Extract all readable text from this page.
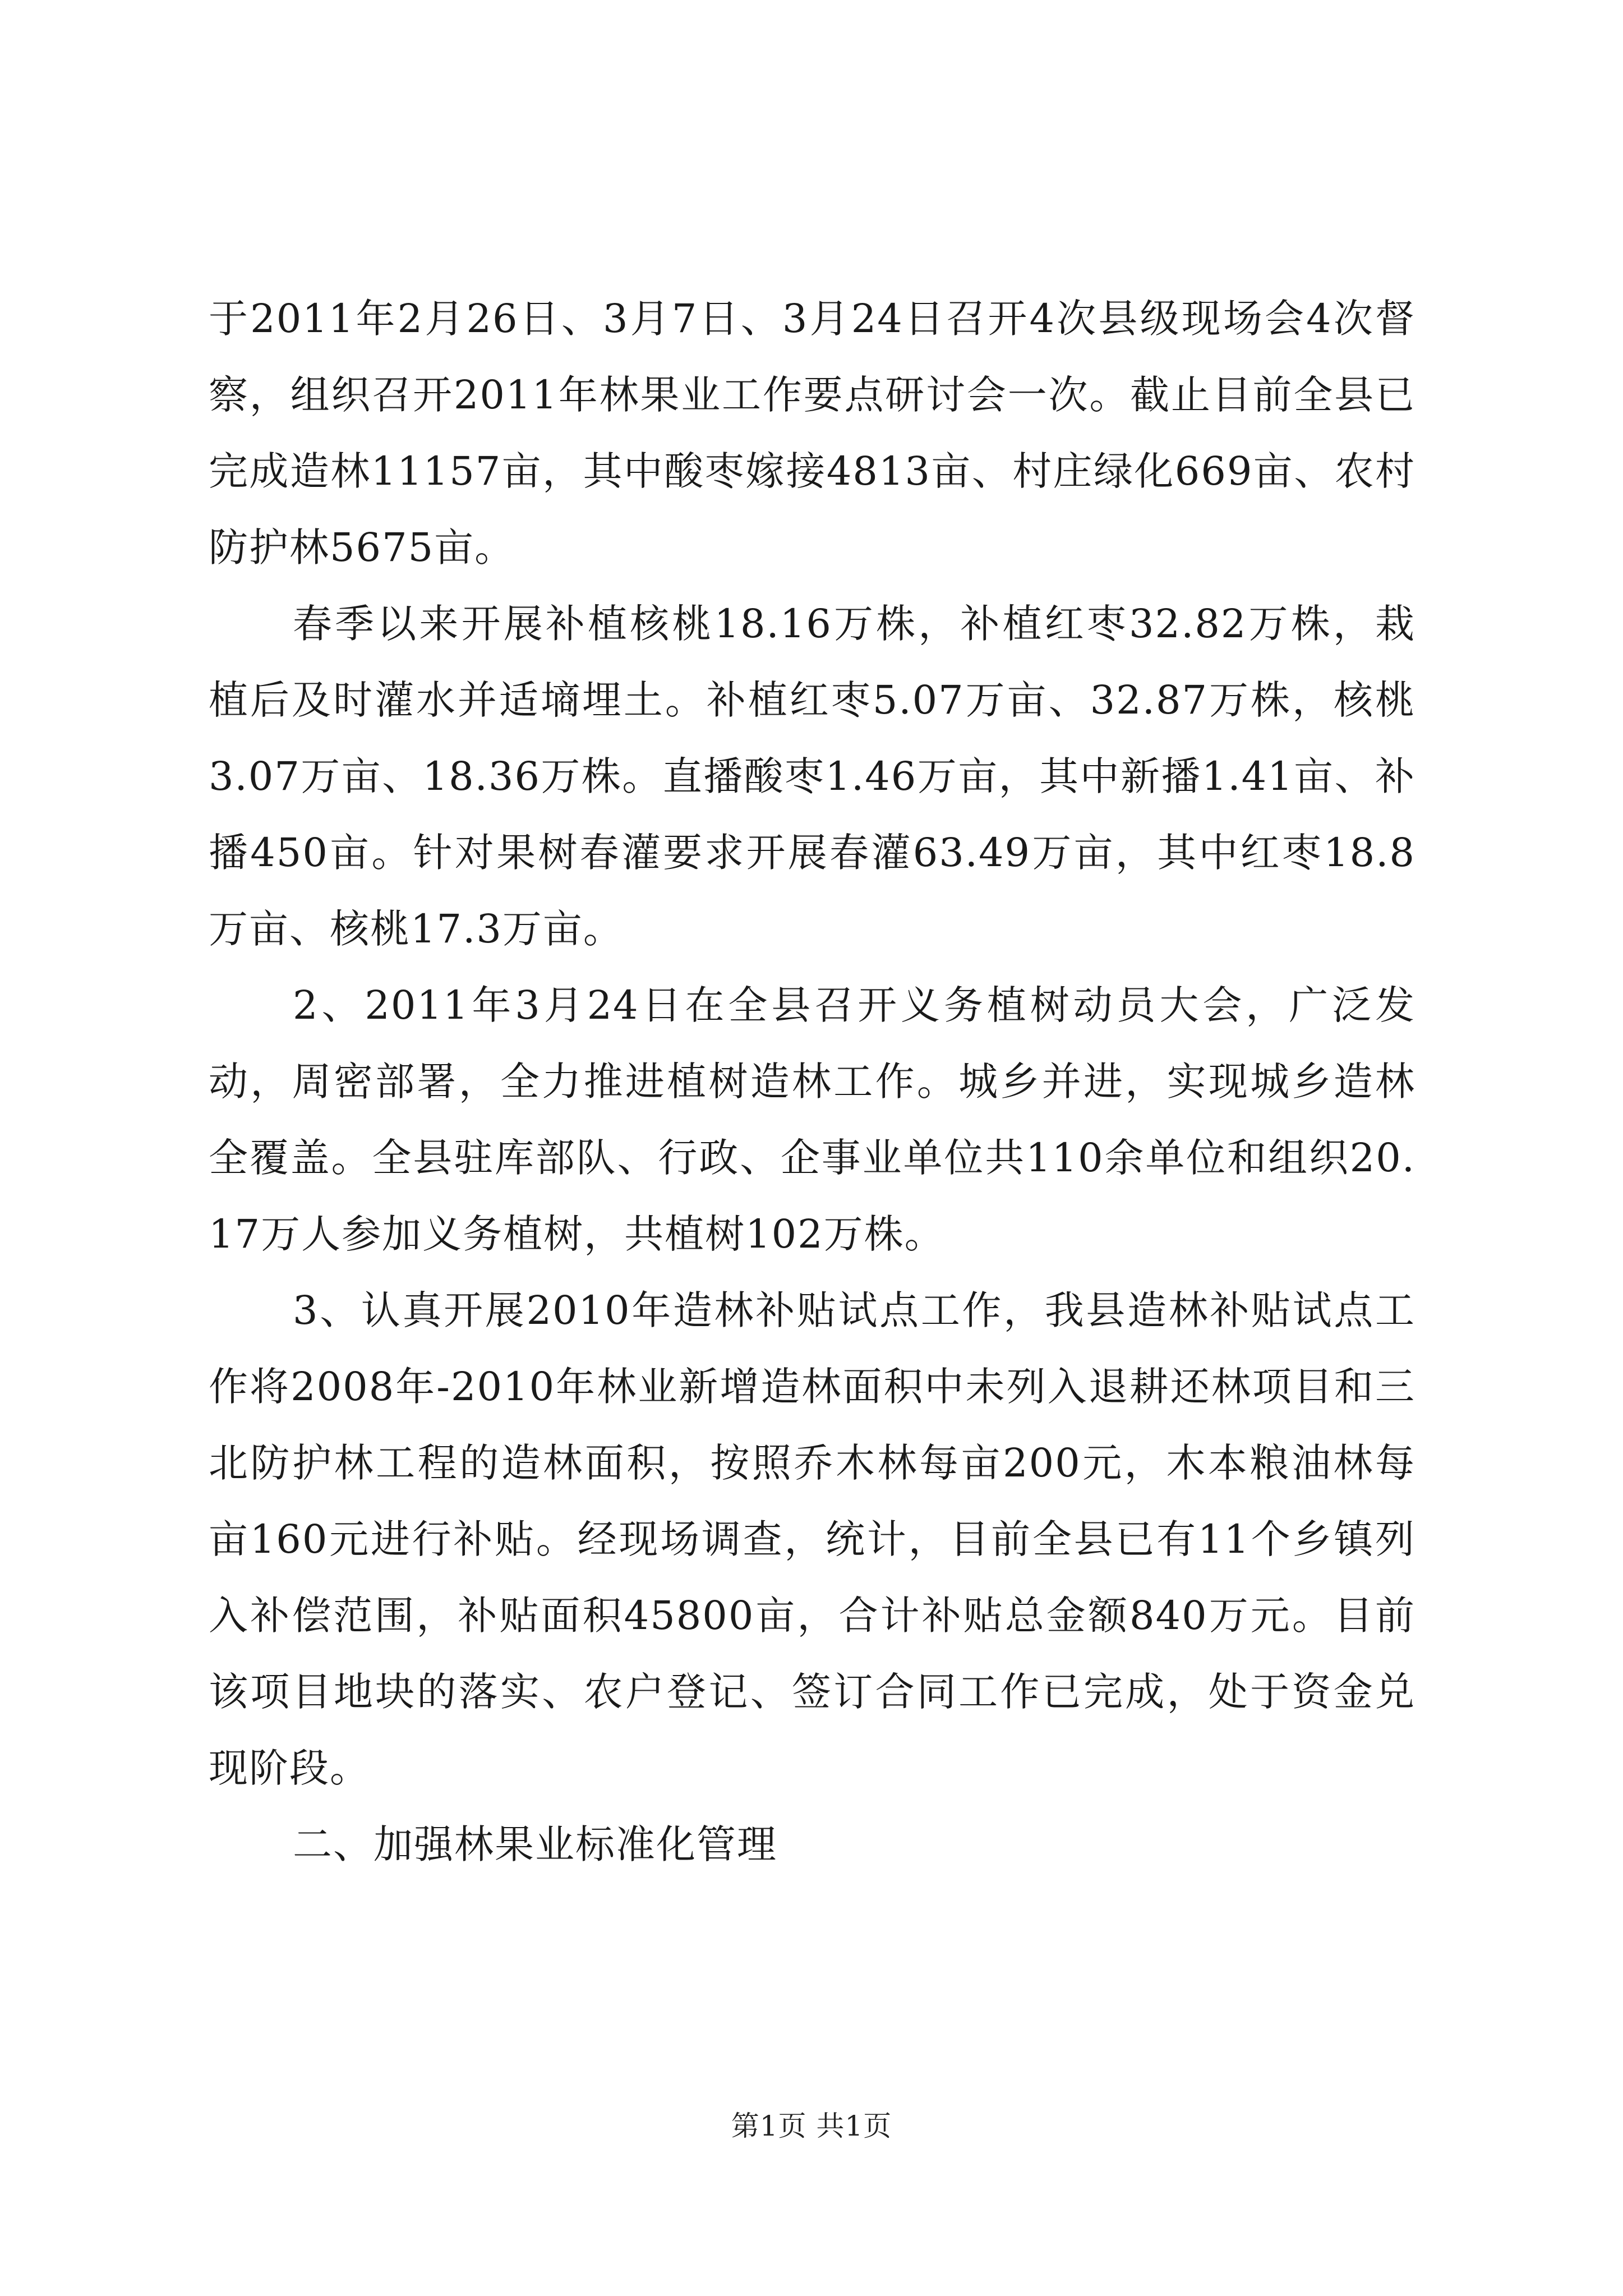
于2011年2月26日、3月7日、3月24日召开4次县级现场会4次督察，组织召开2011年林果业工作要点研讨会一次。截止目前全县已完成造林11157亩，其中酸枣嫁接4813亩、村庄绿化669亩、农村防护林5675亩。

春季以来开展补植核桃18.16万株，补植红枣32.82万株，栽植后及时灌水并适墒埋土。补植红枣5.07万亩、32.87万株，核桃3.07万亩、18.36万株。直播酸枣1.46万亩，其中新播1.41亩、补播450亩。针对果树春灌要求开展春灌63.49万亩，其中红枣18.8万亩、核桃17.3万亩。

2、2011年3月24日在全县召开义务植树动员大会，广泛发动，周密部署，全力推进植树造林工作。城乡并进，实现城乡造林全覆盖。全县驻库部队、行政、企事业单位共110余单位和组织20.17万人参加义务植树，共植树102万株。

3、认真开展2010年造林补贴试点工作，我县造林补贴试点工作将2008年-2010年林业新增造林面积中未列入退耕还林项目和三北防护林工程的造林面积，按照乔木林每亩200元，木本粮油林每亩160元进行补贴。经现场调查，统计，目前全县已有11个乡镇列入补偿范围，补贴面积45800亩，合计补贴总金额840万元。目前该项目地块的落实、农户登记、签订合同工作已完成，处于资金兑现阶段。

二、加强林果业标准化管理

第1页 共1页
